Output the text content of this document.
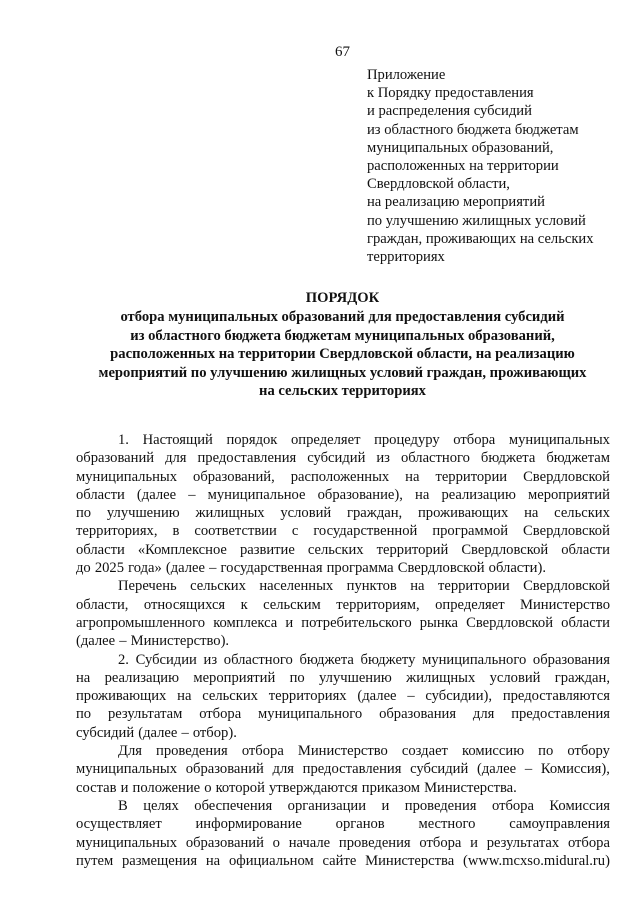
67
Приложение
к Порядку предоставления
и распределения субсидий
из областного бюджета бюджетам
муниципальных образований,
расположенных на территории
Свердловской области,
на реализацию мероприятий
по улучшению жилищных условий
граждан, проживающих на сельских
территориях
ПОРЯДОК
отбора муниципальных образований для предоставления субсидий
из областного бюджета бюджетам муниципальных образований,
расположенных на территории Свердловской области, на реализацию
мероприятий по улучшению жилищных условий граждан, проживающих
на сельских территориях
1. Настоящий порядок определяет процедуру отбора муниципальных
образований для предоставления субсидий из областного бюджета бюджетам
муниципальных образований, расположенных на территории Свердловской
области (далее – муниципальное образование), на реализацию мероприятий
по улучшению жилищных условий граждан, проживающих на сельских
территориях, в соответствии с государственной программой Свердловской
области «Комплексное развитие сельских территорий Свердловской области
до 2025 года» (далее – государственная программа Свердловской области).
Перечень сельских населенных пунктов на территории Свердловской
области, относящихся к сельским территориям, определяет Министерство
агропромышленного комплекса и потребительского рынка Свердловской области
(далее – Министерство).
2. Субсидии из областного бюджета бюджету муниципального образования
на реализацию мероприятий по улучшению жилищных условий граждан,
проживающих на сельских территориях (далее – субсидии), предоставляются
по результатам отбора муниципального образования для предоставления
субсидий (далее – отбор).
Для проведения отбора Министерство создает комиссию по отбору
муниципальных образований для предоставления субсидий (далее – Комиссия),
состав и положение о которой утверждаются приказом Министерства.
В целях обеспечения организации и проведения отбора Комиссия
осуществляет информирование органов местного самоуправления
муниципальных образований о начале проведения отбора и результатах отбора
путем размещения на официальном сайте Министерства (www.mcxso.midural.ru)
